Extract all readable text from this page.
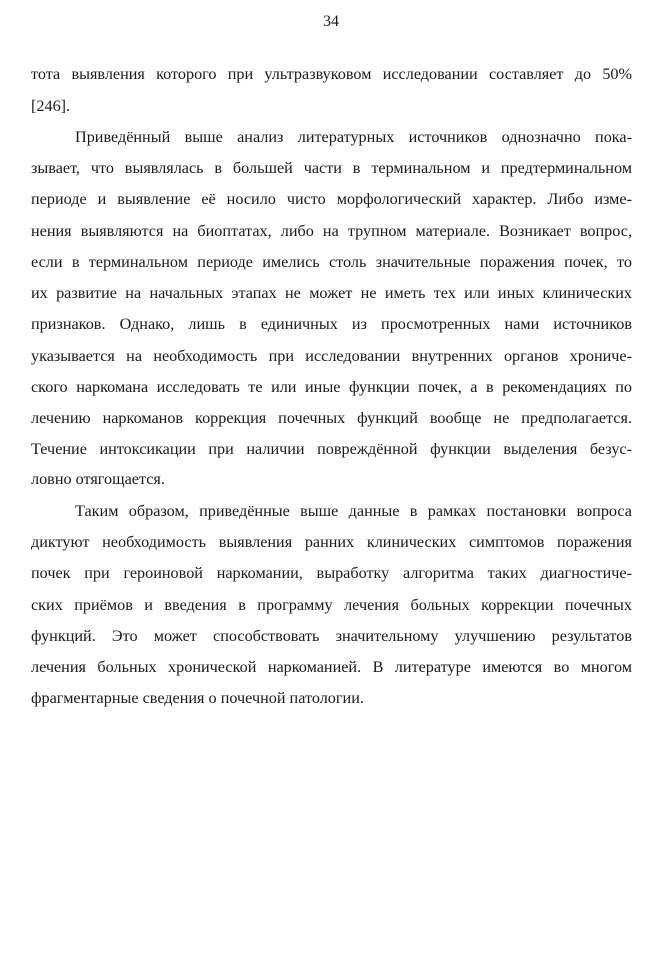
34
тота выявления которого при ультразвуковом исследовании составляет до 50%
[246].
Приведённый выше анализ литературных источников однозначно пока-
зывает, что выявлялась в большей части в терминальном и предтерминальном
периоде и выявление её носило чисто морфологический характер. Либо изме-
нения выявляются на биоптатах, либо на трупном материале. Возникает вопрос,
если в терминальном периоде имелись столь значительные поражения почек, то
их развитие на начальных этапах не может не иметь тех или иных клинических
признаков. Однако, лишь в единичных из просмотренных нами источников
указывается на необходимость при исследовании внутренних органов хрониче-
ского наркомана исследовать те или иные функции почек, а в рекомендациях по
лечению наркоманов коррекция почечных функций вообще не предполагается.
Течение интоксикации при наличии повреждённой функции выделения безус-
ловно отягощается.
Таким образом, приведённые выше данные в рамках постановки вопроса
диктуют необходимость выявления ранних клинических симптомов поражения
почек при героиновой наркомании, выработку алгоритма таких диагностиче-
ских приёмов и введения в программу лечения больных коррекции почечных
функций. Это может способствовать значительному улучшению результатов
лечения больных хронической наркоманией. В литературе имеются во многом
фрагментарные сведения о почечной патологии.
